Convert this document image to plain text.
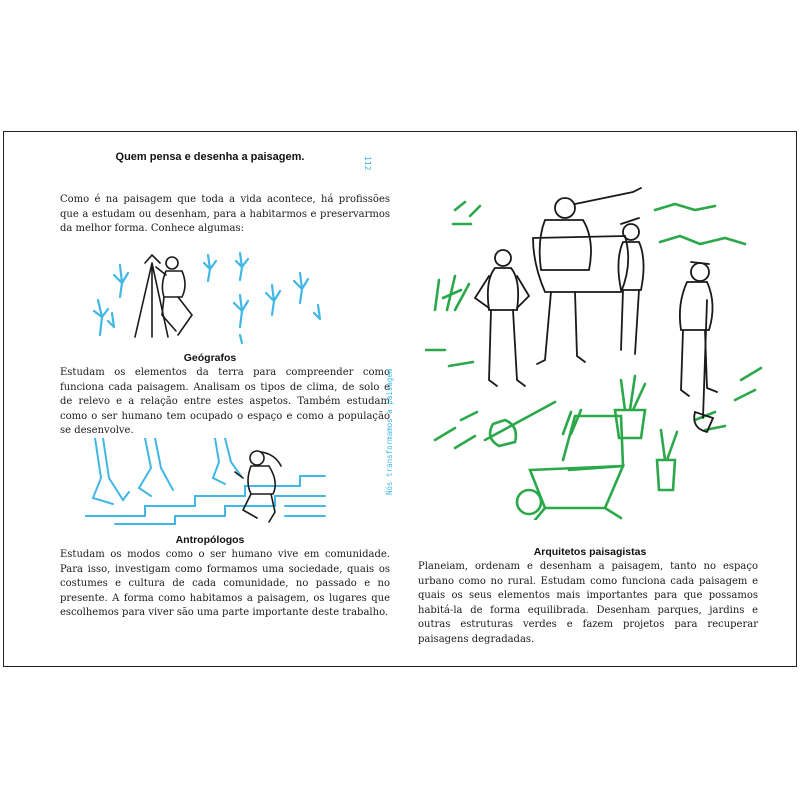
Quem pensa e desenha a paisagem.
Como é na paisagem que toda a vida acontece, há profissões que a estudam ou desenham, para a habitarmos e preservarmos da melhor forma. Conhece algumas:
Geógrafos
Estudam os elementos da terra para compreender como funciona cada paisagem. Analisam os tipos de clima, de solo e de relevo e a relação entre estes aspetos. Também estudam como o ser humano tem ocupado o espaço e como a população se desenvolve.
Antropólogos
Estudam os modos como o ser humano vive em comunidade. Para isso, investigam como formamos uma sociedade, quais os costumes e cultura de cada comunidade, no passado e no presente. A forma como habitamos a paisagem, os lugares que escolhemos para viver são uma parte importante deste trabalho.
112
Nós transformamos a paisagem
Arquitetos paisagistas
Planeiam, ordenam e desenham a paisagem, tanto no espaço urbano como no rural. Estudam como funciona cada paisagem e quais os seus elementos mais importantes para que possamos habitá-la de forma equilibrada. Desenham parques, jardins e outras estruturas verdes e fazem projetos para recuperar paisagens degradadas.
